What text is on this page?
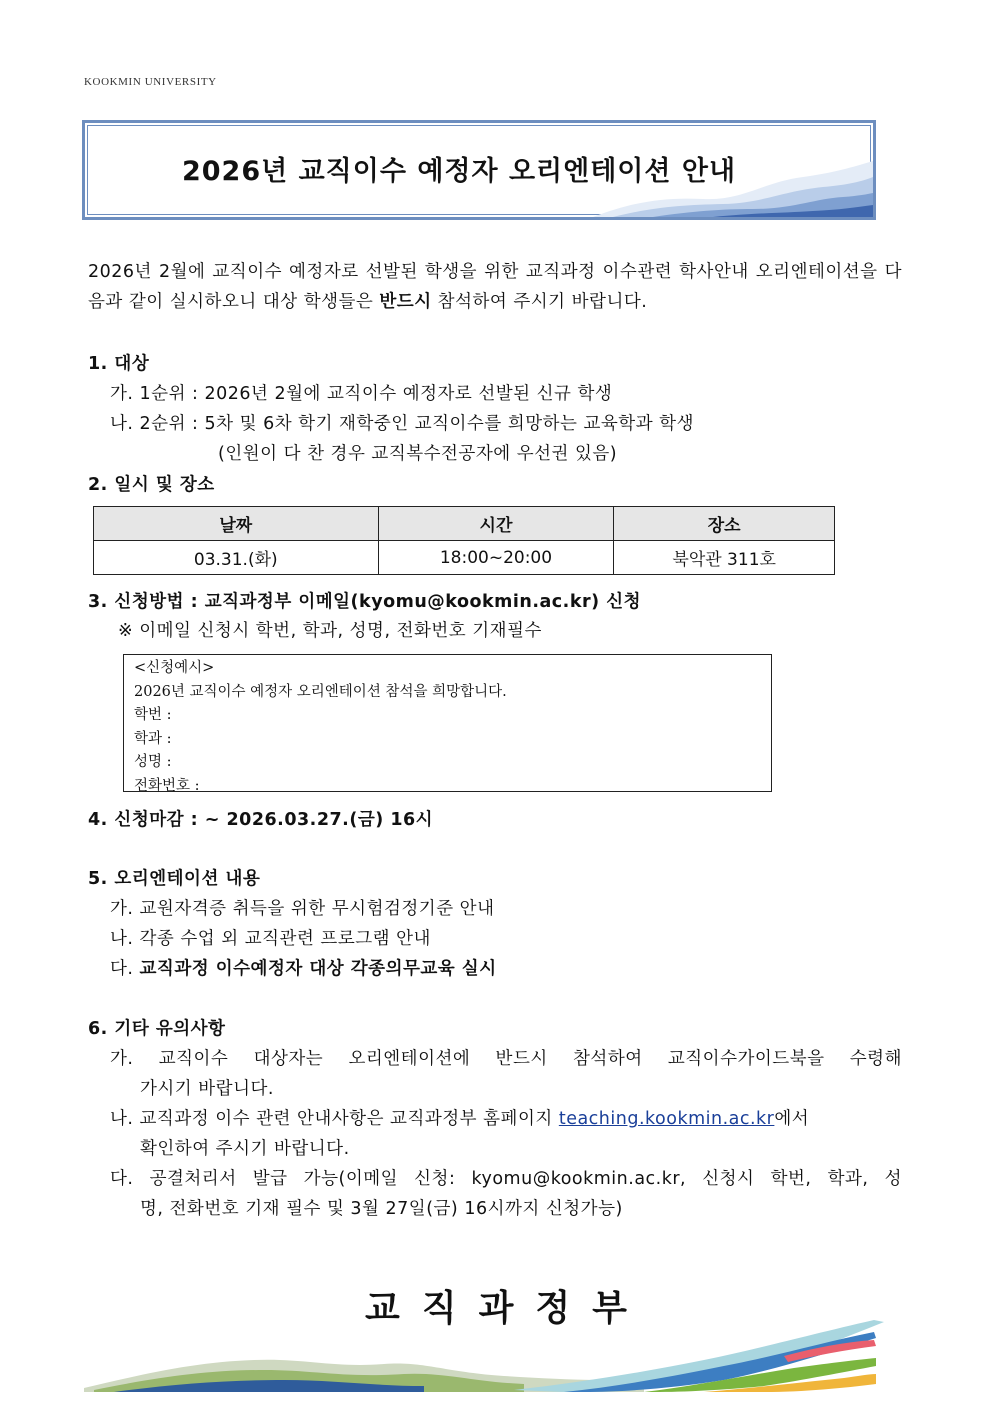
KOOKMIN UNIVERSITY
2026년 교직이수 예정자 오리엔테이션 안내
2026년 2월에 교직이수 예정자로 선발된 학생을 위한 교직과정 이수관련 학사안내 오리엔테이션을 다음과 같이 실시하오니 대상 학생들은 반드시 참석하여 주시기 바랍니다.
1. 대상
가. 1순위 : 2026년 2월에 교직이수 예정자로 선발된 신규 학생
나. 2순위 : 5차 및 6차 학기 재학중인 교직이수를 희망하는 교육학과 학생
(인원이 다 찬 경우 교직복수전공자에 우선권 있음)
2. 일시 및 장소
날짜	시간	장소
03.31.(화)	18:00~20:00	북악관 311호
3. 신청방법 : 교직과정부 이메일(kyomu@kookmin.ac.kr) 신청
※ 이메일 신청시 학번, 학과, 성명, 전화번호 기재필수
<신청예시>
2026년 교직이수 예정자 오리엔테이션 참석을 희망합니다.
학번 :
학과 :
성명 :
전화번호 :
4. 신청마감 : ~ 2026.03.27.(금) 16시
5. 오리엔테이션 내용
가. 교원자격증 취득을 위한 무시험검정기준 안내
나. 각종 수업 외 교직관련 프로그램 안내
다. 교직과정 이수예정자 대상 각종의무교육 실시
6. 기타 유의사항
가. 교직이수 대상자는 오리엔테이션에 반드시 참석하여 교직이수가이드북을 수령해
가시기 바랍니다.
나. 교직과정 이수 관련 안내사항은 교직과정부 홈페이지 teaching.kookmin.ac.kr에서
확인하여 주시기 바랍니다.
다. 공결처리서 발급 가능(이메일 신청: kyomu@kookmin.ac.kr, 신청시 학번, 학과, 성
명, 전화번호 기재 필수 및 3월 27일(금) 16시까지 신청가능)
교직과정부
